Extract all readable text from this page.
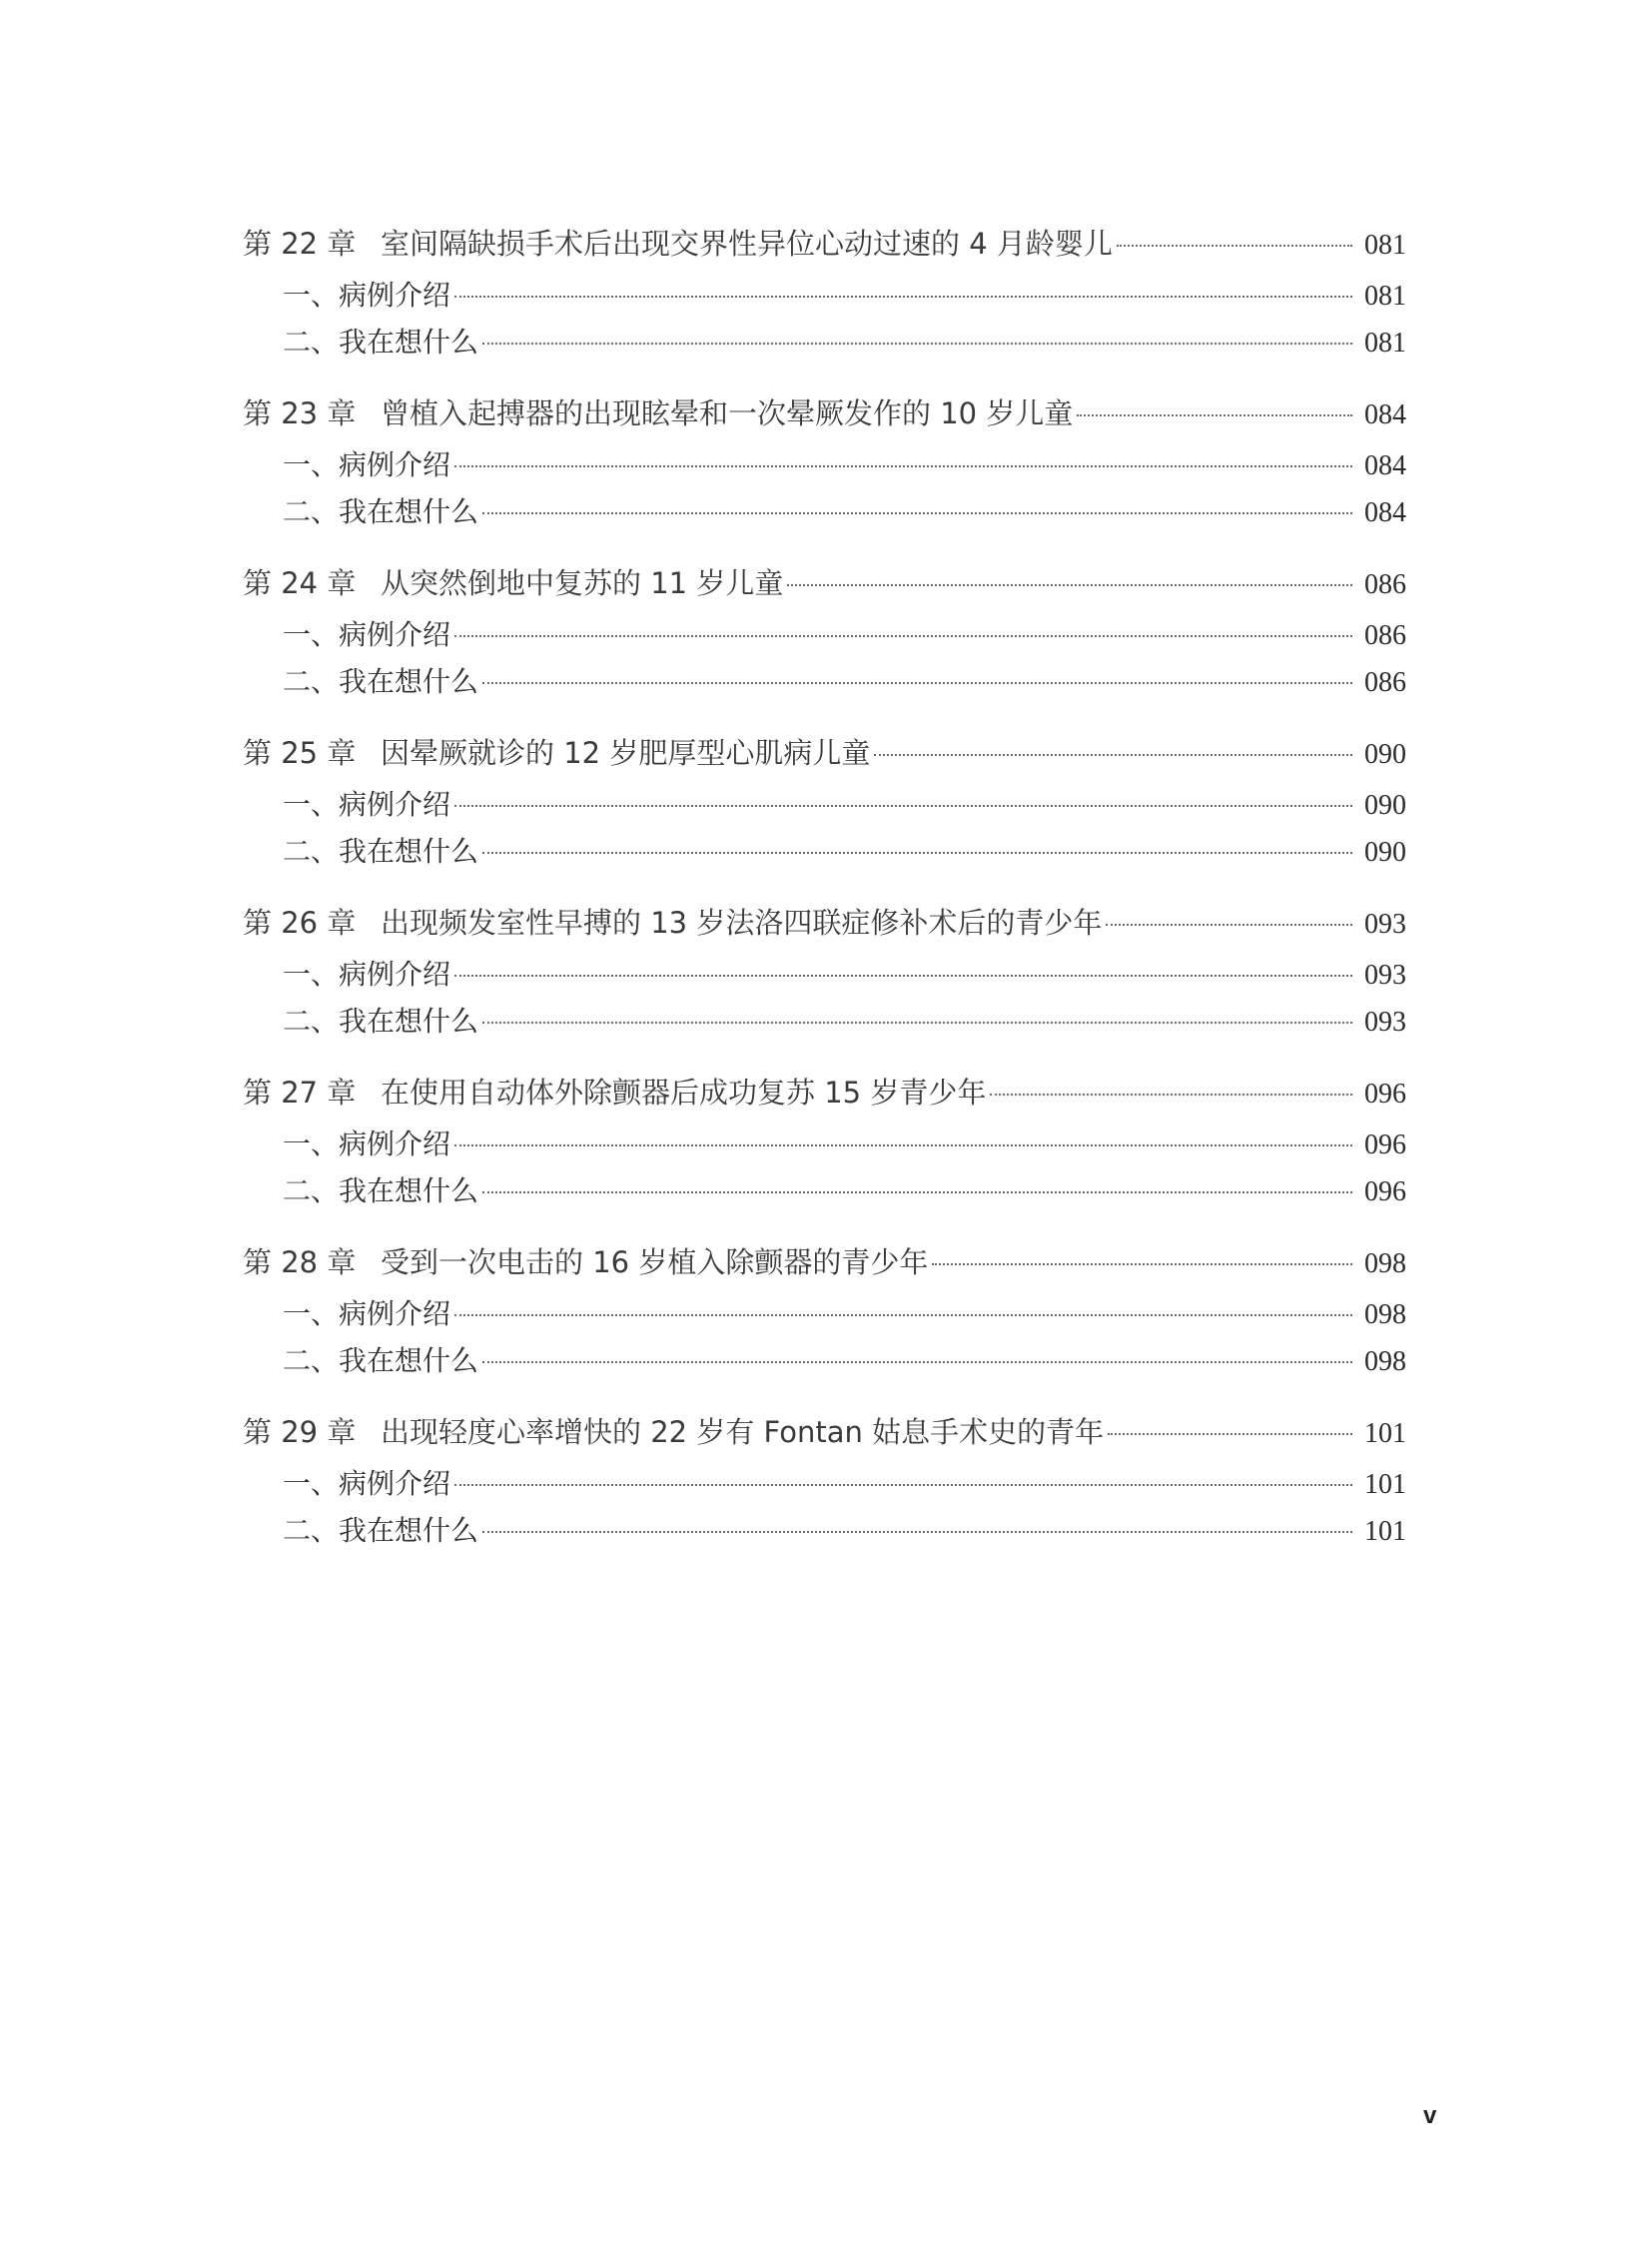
第 22 章 室间隔缺损手术后出现交界性异位心动过速的 4 月龄婴儿	081
一、病例介绍	081
二、我在想什么	081
第 23 章 曾植入起搏器的出现眩晕和一次晕厥发作的 10 岁儿童	084
一、病例介绍	084
二、我在想什么	084
第 24 章 从突然倒地中复苏的 11 岁儿童	086
一、病例介绍	086
二、我在想什么	086
第 25 章 因晕厥就诊的 12 岁肥厚型心肌病儿童	090
一、病例介绍	090
二、我在想什么	090
第 26 章 出现频发室性早搏的 13 岁法洛四联症修补术后的青少年	093
一、病例介绍	093
二、我在想什么	093
第 27 章 在使用自动体外除颤器后成功复苏 15 岁青少年	096
一、病例介绍	096
二、我在想什么	096
第 28 章 受到一次电击的 16 岁植入除颤器的青少年	098
一、病例介绍	098
二、我在想什么	098
第 29 章 出现轻度心率增快的 22 岁有 Fontan 姑息手术史的青年	101
一、病例介绍	101
二、我在想什么	101
v
